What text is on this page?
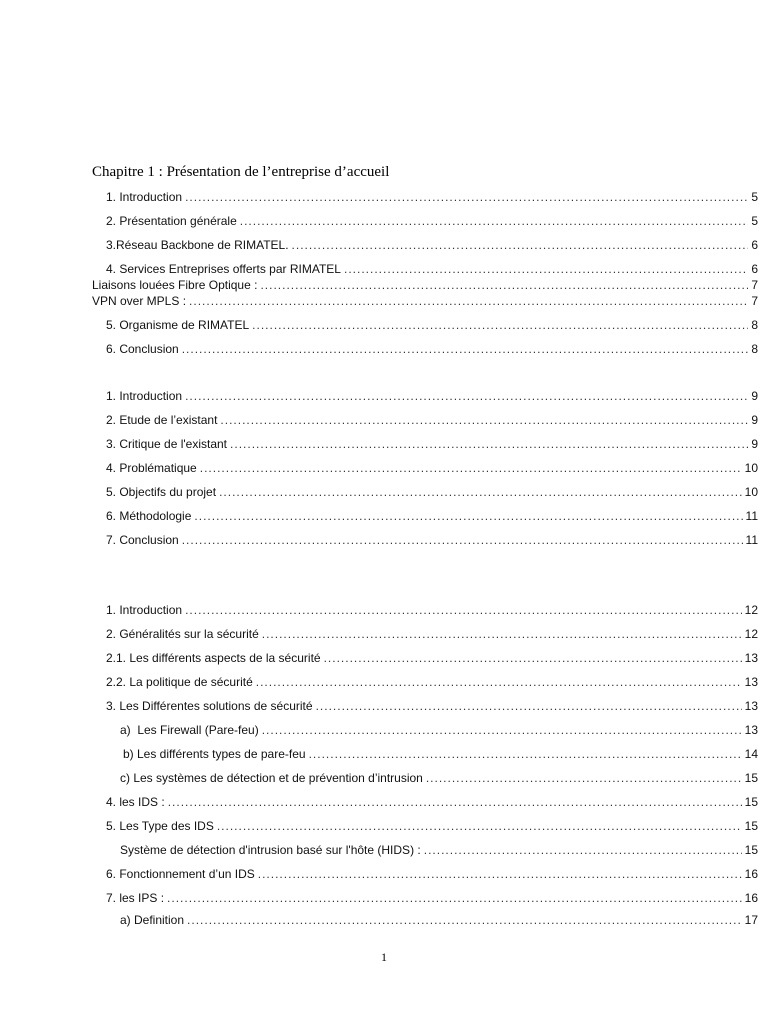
Chapitre 1 : Présentation de l’entreprise d’accueil
1. Introduction .....	5
2. Présentation générale .....	5
3.Réseau Backbone de RIMATEL. .....	6
4. Services Entreprises offerts par RIMATEL .....	6
Liaisons louées Fibre Optique : .....	7
VPN over MPLS : .....	7
5. Organisme de RIMATEL .....	8
6. Conclusion .....	8
1. Introduction .....	9
2. Etude de l’existant .....	9
3. Critique de l'existant .....	9
4. Problématique .....	10
5. Objectifs du projet .....	10
6. Méthodologie .....	11
7. Conclusion .....	11
1. Introduction .....	12
2. Généralités sur la sécurité .....	12
2.1. Les différents aspects de la sécurité .....	13
2.2. La politique de sécurité .....	13
3. Les Différentes solutions de sécurité .....	13
a)  Les Firewall (Pare-feu) .....	13
b) Les différents types de pare-feu .....	14
c) Les systèmes de détection et de prévention d’intrusion .....	15
4. les IDS : .....	15
5. Les Type des IDS .....	15
Système de détection d'intrusion basé sur l'hôte (HIDS) : .....	15
6. Fonctionnement d’un IDS .....	16
7. les IPS : .....	16
a) Definition .....	17
1
